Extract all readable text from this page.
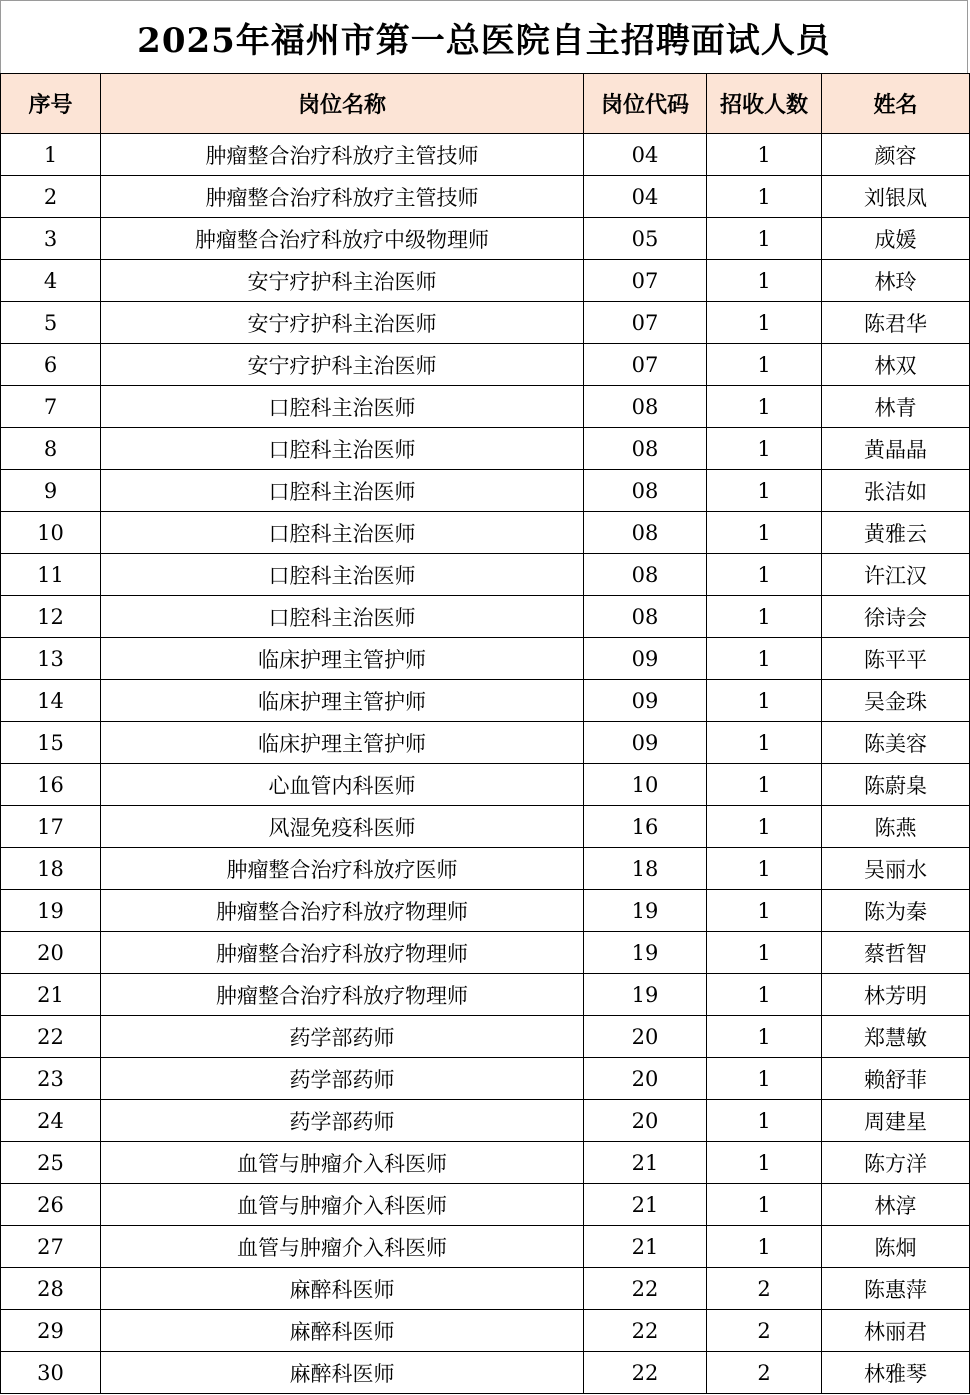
2025年福州市第一总医院自主招聘面试人员
序号	岗位名称	岗位代码	招收人数	姓名
1	肿瘤整合治疗科放疗主管技师	04	1	颜容
2	肿瘤整合治疗科放疗主管技师	04	1	刘银凤
3	肿瘤整合治疗科放疗中级物理师	05	1	成媛
4	安宁疗护科主治医师	07	1	林玲
5	安宁疗护科主治医师	07	1	陈君华
6	安宁疗护科主治医师	07	1	林双
7	口腔科主治医师	08	1	林青
8	口腔科主治医师	08	1	黄晶晶
9	口腔科主治医师	08	1	张洁如
10	口腔科主治医师	08	1	黄雅云
11	口腔科主治医师	08	1	许江汉
12	口腔科主治医师	08	1	徐诗会
13	临床护理主管护师	09	1	陈平平
14	临床护理主管护师	09	1	吴金珠
15	临床护理主管护师	09	1	陈美容
16	心血管内科医师	10	1	陈蔚臬
17	风湿免疫科医师	16	1	陈燕
18	肿瘤整合治疗科放疗医师	18	1	吴丽水
19	肿瘤整合治疗科放疗物理师	19	1	陈为秦
20	肿瘤整合治疗科放疗物理师	19	1	蔡哲智
21	肿瘤整合治疗科放疗物理师	19	1	林芳明
22	药学部药师	20	1	郑慧敏
23	药学部药师	20	1	赖舒菲
24	药学部药师	20	1	周建星
25	血管与肿瘤介入科医师	21	1	陈方洋
26	血管与肿瘤介入科医师	21	1	林淳
27	血管与肿瘤介入科医师	21	1	陈炯
28	麻醉科医师	22	2	陈惠萍
29	麻醉科医师	22	2	林丽君
30	麻醉科医师	22	2	林雅琴
